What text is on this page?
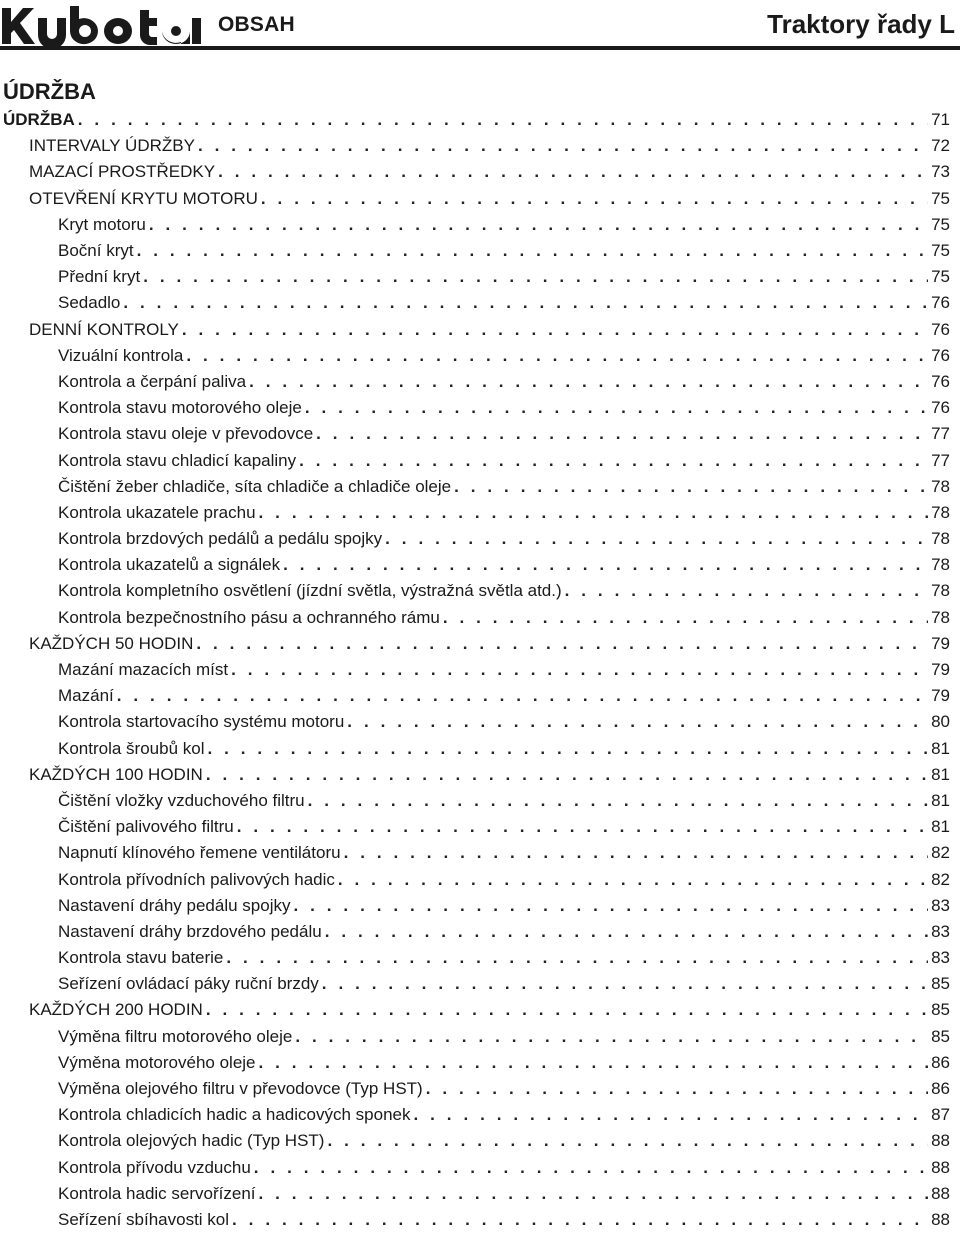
OBSAH	Traktory řady L
ÚDRŽBA
ÚDRŽBA . . .	71
INTERVALY ÚDRŽBY . . .	72
MAZACÍ PROSTŘEDKY . . .	73
OTEVŘENÍ KRYTU MOTORU . . .	75
Kryt motoru . . .	75
Boční kryt . . .	75
Přední kryt . . .	75
Sedadlo . . .	76
DENNÍ KONTROLY . . .	76
Vizuální kontrola . . .	76
Kontrola a čerpání paliva . . .	76
Kontrola stavu motorového oleje . . .	76
Kontrola stavu oleje v převodovce . . .	77
Kontrola stavu chladicí kapaliny . . .	77
Čištění žeber chladiče, síta chladiče a chladiče oleje . . .	78
Kontrola ukazatele prachu . . .	78
Kontrola brzdových pedálů a pedálu spojky . . .	78
Kontrola ukazatelů a signálek . . .	78
Kontrola kompletního osvětlení (jízdní světla, výstražná světla atd.) . . .	78
Kontrola bezpečnostního pásu a ochranného rámu . . .	78
KAŽDÝCH 50 HODIN . . .	79
Mazání mazacích míst . . .	79
Mazání . . .	79
Kontrola startovacího systému motoru . . .	80
Kontrola šroubů kol . . .	81
KAŽDÝCH 100 HODIN . . .	81
Čištění vložky vzduchového filtru . . .	81
Čištění palivového filtru . . .	81
Napnutí klínového řemene ventilátoru . . .	82
Kontrola přívodních palivových hadic . . .	82
Nastavení dráhy pedálu spojky . . .	83
Nastavení dráhy brzdového pedálu . . .	83
Kontrola stavu baterie . . .	83
Seřízení ovládací páky ruční brzdy . . .	85
KAŽDÝCH 200 HODIN . . .	85
Výměna filtru motorového oleje . . .	85
Výměna motorového oleje . . .	86
Výměna olejového filtru v převodovce (Typ HST) . . .	86
Kontrola chladicích hadic a hadicových sponek . . .	87
Kontrola olejových hadic (Typ HST) . . .	88
Kontrola přívodu vzduchu . . .	88
Kontrola hadic servořízení . . .	88
Seřízení sbíhavosti kol . . .	88
